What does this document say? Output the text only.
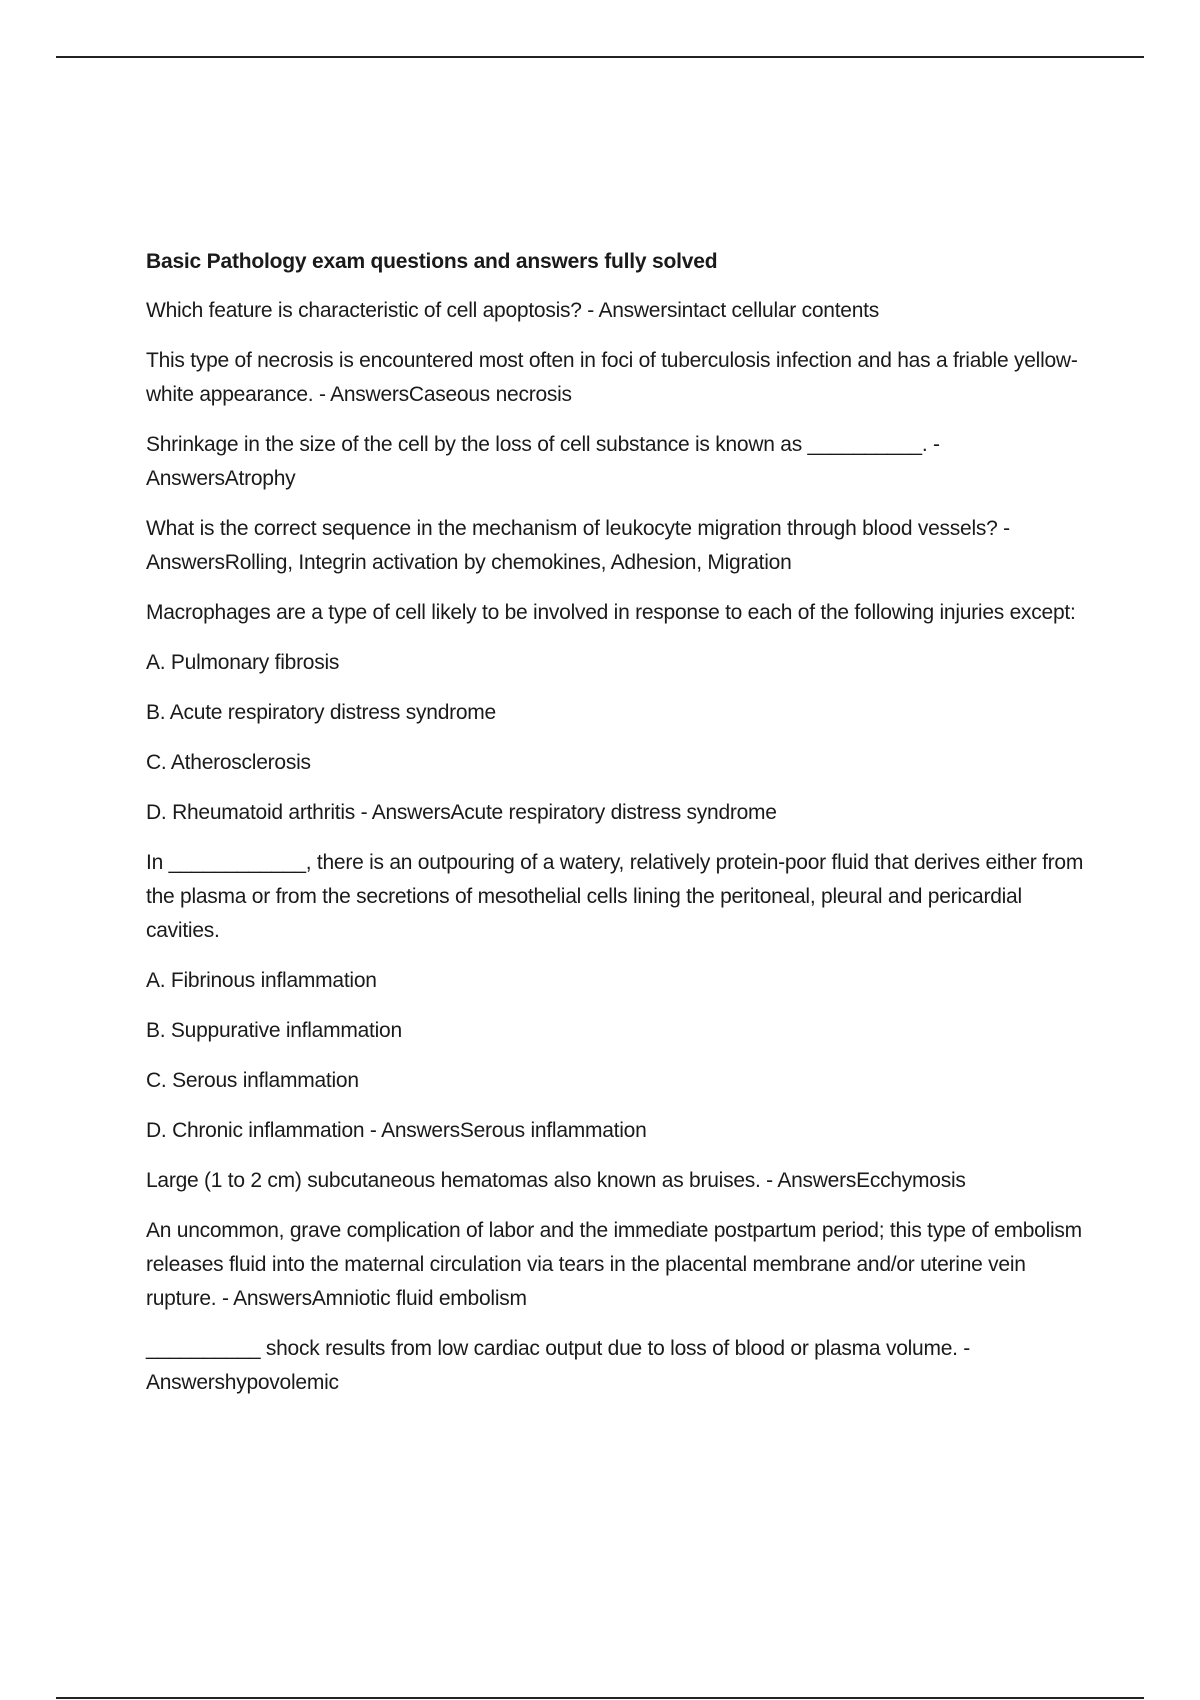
Basic Pathology exam questions and answers fully solved

Which feature is characteristic of cell apoptosis? - Answersintact cellular contents

This type of necrosis is encountered most often in foci of tuberculosis infection and has a friable yellow-white appearance. - AnswersCaseous necrosis

Shrinkage in the size of the cell by the loss of cell substance is known as __________. - AnswersAtrophy

What is the correct sequence in the mechanism of leukocyte migration through blood vessels? - AnswersRolling, Integrin activation by chemokines, Adhesion, Migration

Macrophages are a type of cell likely to be involved in response to each of the following injuries except:

A. Pulmonary fibrosis

B. Acute respiratory distress syndrome

C. Atherosclerosis

D. Rheumatoid arthritis - AnswersAcute respiratory distress syndrome

In ____________, there is an outpouring of a watery, relatively protein-poor fluid that derives either from the plasma or from the secretions of mesothelial cells lining the peritoneal, pleural and pericardial cavities.

A. Fibrinous inflammation

B. Suppurative inflammation

C. Serous inflammation

D. Chronic inflammation - AnswersSerous inflammation

Large (1 to 2 cm) subcutaneous hematomas also known as bruises. - AnswersEcchymosis

An uncommon, grave complication of labor and the immediate postpartum period; this type of embolism releases fluid into the maternal circulation via tears in the placental membrane and/or uterine vein rupture. - AnswersAmniotic fluid embolism

__________ shock results from low cardiac output due to loss of blood or plasma volume. - Answershypovolemic
